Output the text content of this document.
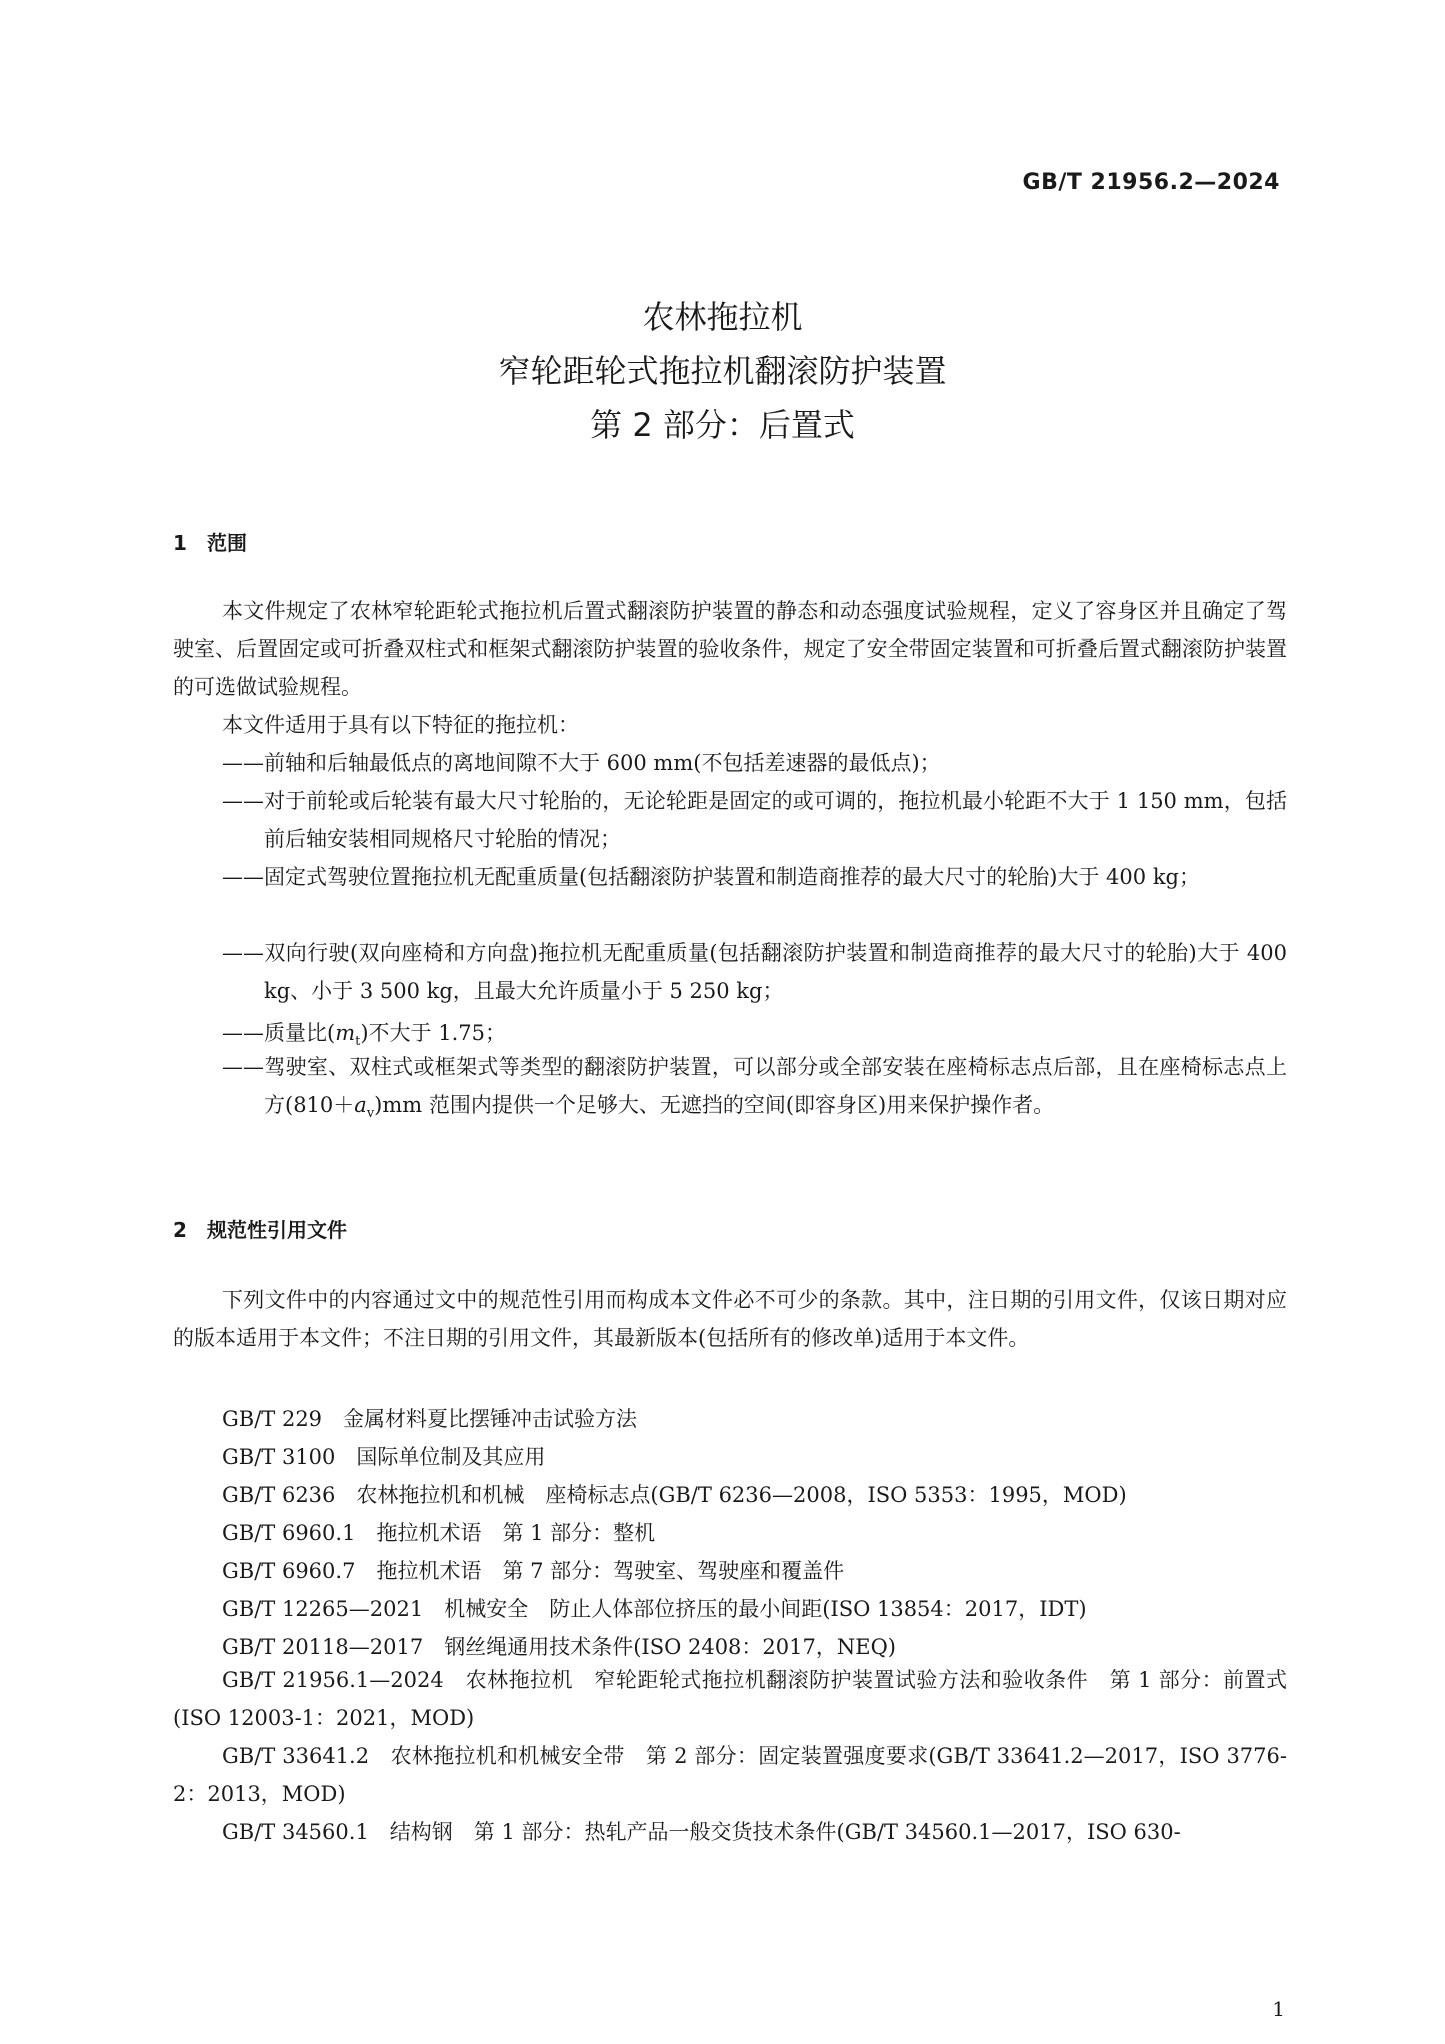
GB/T 21956.2—2024
农林拖拉机
窄轮距轮式拖拉机翻滚防护装置
第 2 部分：后置式
1 范围

本文件规定了农林窄轮距轮式拖拉机后置式翻滚防护装置的静态和动态强度试验规程，定义了容身区并且确定了驾驶室、后置固定或可折叠双柱式和框架式翻滚防护装置的验收条件，规定了安全带固定装置和可折叠后置式翻滚防护装置的可选做试验规程。

本文件适用于具有以下特征的拖拉机：

——前轴和后轴最低点的离地间隙不大于 600 mm(不包括差速器的最低点)；

——对于前轮或后轮装有最大尺寸轮胎的，无论轮距是固定的或可调的，拖拉机最小轮距不大于 1 150 mm，包括前后轴安装相同规格尺寸轮胎的情况；

——固定式驾驶位置拖拉机无配重质量(包括翻滚防护装置和制造商推荐的最大尺寸的轮胎)大于 400 kg；

——双向行驶(双向座椅和方向盘)拖拉机无配重质量(包括翻滚防护装置和制造商推荐的最大尺寸的轮胎)大于 400 kg、小于 3 500 kg，且最大允许质量小于 5 250 kg；

——质量比$(m_t)$不大于 1.75；

——驾驶室、双柱式或框架式等类型的翻滚防护装置，可以部分或全部安装在座椅标志点后部，且在座椅标志点上方$(810+a_v)mm$ 范围内提供一个足够大、无遮挡的空间(即容身区)用来保护操作者。

2 规范性引用文件

下列文件中的内容通过文中的规范性引用而构成本文件必不可少的条款。其中，注日期的引用文件，仅该日期对应的版本适用于本文件；不注日期的引用文件，其最新版本(包括所有的修改单)适用于本文件。

GB/T 229　金属材料夏比摆锤冲击试验方法
GB/T 3100　国际单位制及其应用
GB/T 6236　农林拖拉机和机械　座椅标志点(GB/T 6236—2008，ISO 5353：1995，MOD)
GB/T 6960.1　拖拉机术语　第 1 部分：整机
GB/T 6960.7　拖拉机术语　第 7 部分：驾驶室、驾驶座和覆盖件
GB/T 12265—2021　机械安全　防止人体部位挤压的最小间距(ISO 13854：2017，IDT)
GB/T 20118—2017　钢丝绳通用技术条件(ISO 2408：2017，NEQ)

GB/T 21956.1—2024　农林拖拉机　窄轮距轮式拖拉机翻滚防护装置试验方法和验收条件　第 1 部分：前置式(ISO 12003-1：2021，MOD)

GB/T 33641.2　农林拖拉机和机械安全带　第 2 部分：固定装置强度要求(GB/T 33641.2—2017，ISO 3776-2：2013，MOD)

GB/T 34560.1　结构钢　第 1 部分：热轧产品一般交货技术条件(GB/T 34560.1—2017，ISO 630-

1
